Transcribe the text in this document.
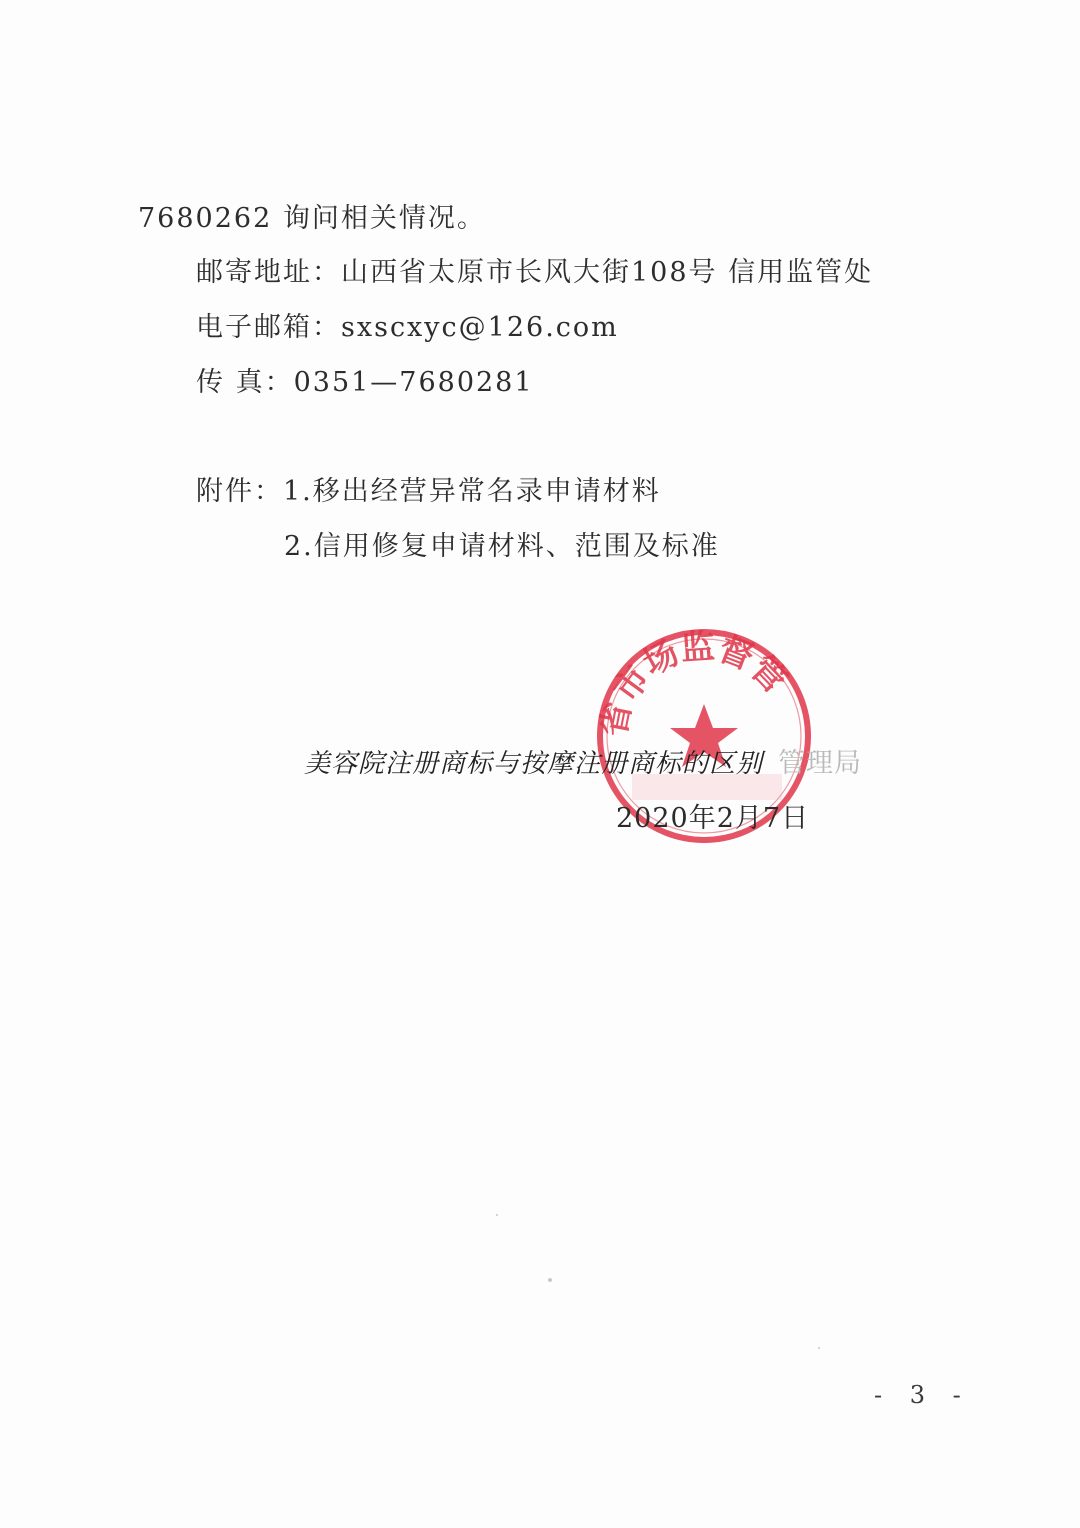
7680262 询问相关情况。
邮寄地址：山西省太原市长风大街108号 信用监管处
电子邮箱：sxscxyc@126.com
传 真：0351—7680281
附件：1.移出经营异常名录申请材料
2.信用修复申请材料、范围及标准
省市场监督管
美容院注册商标与按摩注册商标的区别 管理局
2020年2月7日
- 3 -
